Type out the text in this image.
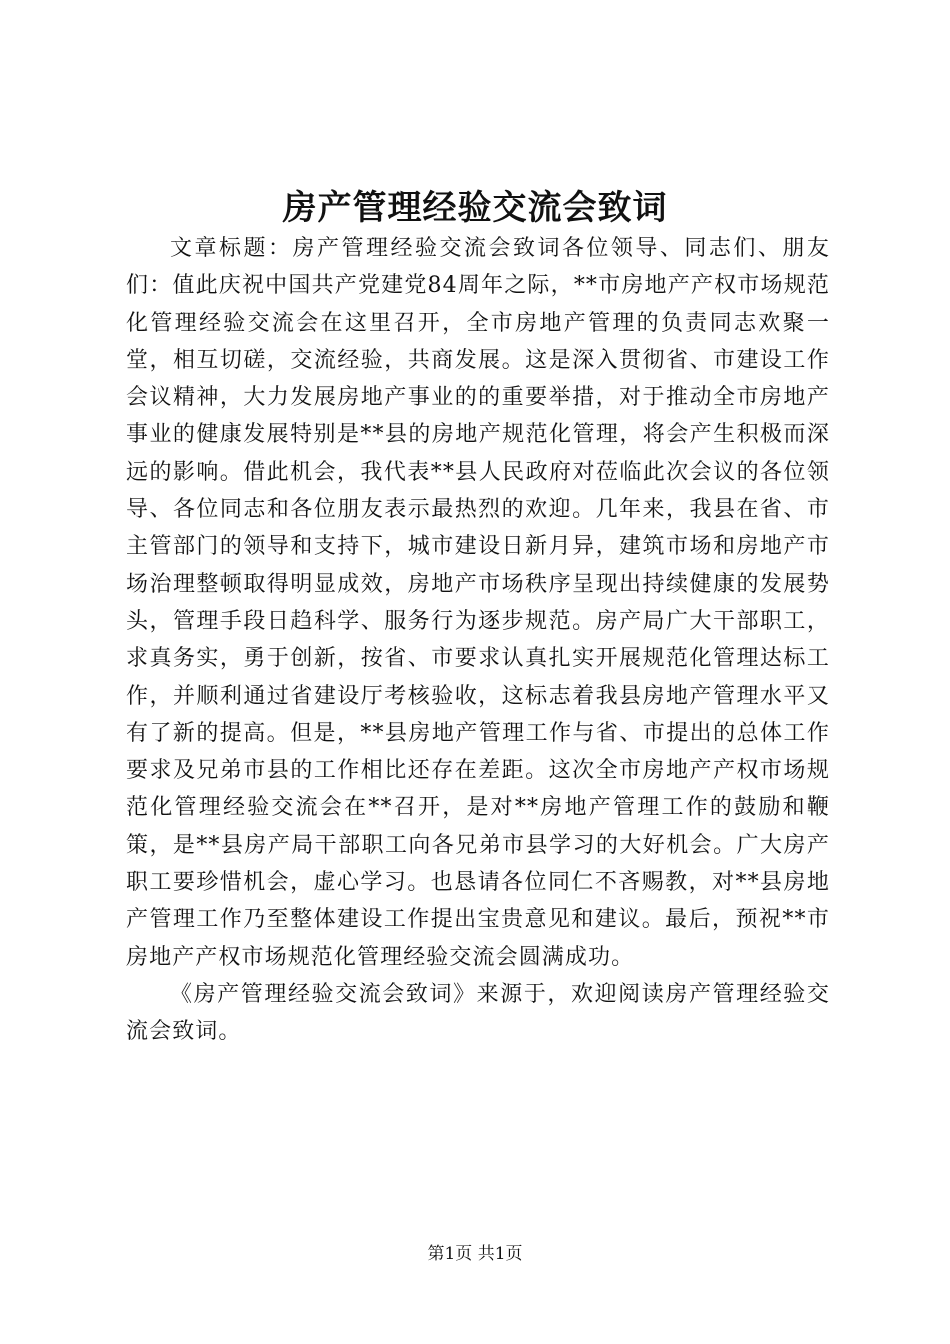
房产管理经验交流会致词

文章标题：房产管理经验交流会致词各位领导、同志们、朋友们：值此庆祝中国共产党建党84周年之际，**市房地产产权市场规范化管理经验交流会在这里召开，全市房地产管理的负责同志欢聚一堂，相互切磋，交流经验，共商发展。这是深入贯彻省、市建设工作会议精神，大力发展房地产事业的的重要举措，对于推动全市房地产事业的健康发展特别是**县的房地产规范化管理，将会产生积极而深远的影响。借此机会，我代表**县人民政府对莅临此次会议的各位领导、各位同志和各位朋友表示最热烈的欢迎。几年来，我县在省、市主管部门的领导和支持下，城市建设日新月异，建筑市场和房地产市场治理整顿取得明显成效，房地产市场秩序呈现出持续健康的发展势头，管理手段日趋科学、服务行为逐步规范。房产局广大干部职工，求真务实，勇于创新，按省、市要求认真扎实开展规范化管理达标工作，并顺利通过省建设厅考核验收，这标志着我县房地产管理水平又有了新的提高。但是，**县房地产管理工作与省、市提出的总体工作要求及兄弟市县的工作相比还存在差距。这次全市房地产产权市场规范化管理经验交流会在**召开，是对**房地产管理工作的鼓励和鞭策，是**县房产局干部职工向各兄弟市县学习的大好机会。广大房产职工要珍惜机会，虚心学习。也恳请各位同仁不吝赐教，对**县房地产管理工作乃至整体建设工作提出宝贵意见和建议。最后，预祝**市房地产产权市场规范化管理经验交流会圆满成功。

《房产管理经验交流会致词》来源于，欢迎阅读房产管理经验交流会致词。

第1页 共1页
